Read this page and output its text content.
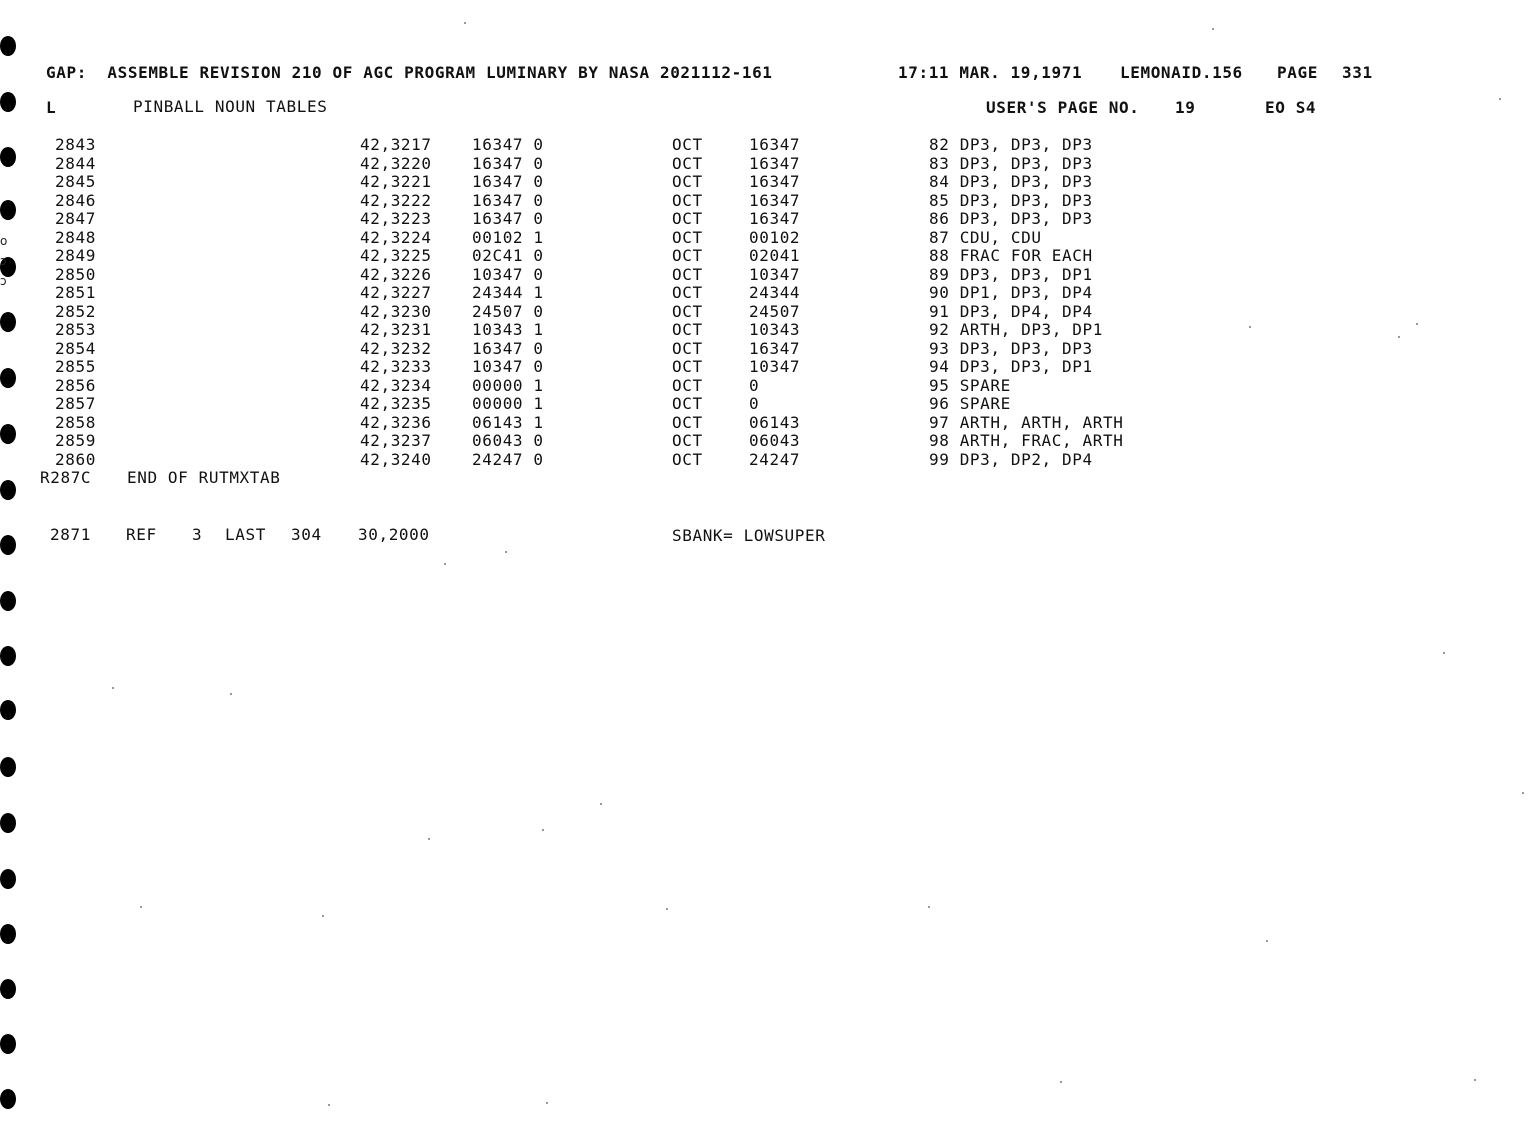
o

ɔ

ɔ
GAP:  ASSEMBLE REVISION 210 OF AGC PROGRAM LUMINARY BY NASA 2021112-161	17:11 MAR. 19,1971 LEMONAID.156 PAGE 331
L	PINBALL NOUN TABLES	USER'S PAGE NO. 19	EO S4
2843	42,3217	16347 0	OCT	16347	82 DP3, DP3, DP3
2844	42,3220	16347 0	OCT	16347	83 DP3, DP3, DP3
2845	42,3221	16347 0	OCT	16347	84 DP3, DP3, DP3
2846	42,3222	16347 0	OCT	16347	85 DP3, DP3, DP3
2847	42,3223	16347 0	OCT	16347	86 DP3, DP3, DP3
2848	42,3224	00102 1	OCT	00102	87 CDU, CDU
2849	42,3225	02C41 0	OCT	02041	88 FRAC FOR EACH
2850	42,3226	10347 0	OCT	10347	89 DP3, DP3, DP1
2851	42,3227	24344 1	OCT	24344	90 DP1, DP3, DP4
2852	42,3230	24507 0	OCT	24507	91 DP3, DP4, DP4
2853	42,3231	10343 1	OCT	10343	92 ARTH, DP3, DP1
2854	42,3232	16347 0	OCT	16347	93 DP3, DP3, DP3
2855	42,3233	10347 0	OCT	10347	94 DP3, DP3, DP1
2856	42,3234	00000 1	OCT	0	95 SPARE
2857	42,3235	00000 1	OCT	0	96 SPARE
2858	42,3236	06143 1	OCT	06143	97 ARTH, ARTH, ARTH
2859	42,3237	06043 0	OCT	06043	98 ARTH, FRAC, ARTH
2860	42,3240	24247 0	OCT	24247	99 DP3, DP2, DP4
R287C END OF RUTMXTAB
2871 REF 3 LAST 304 30,2000	SBANK= LOWSUPER
